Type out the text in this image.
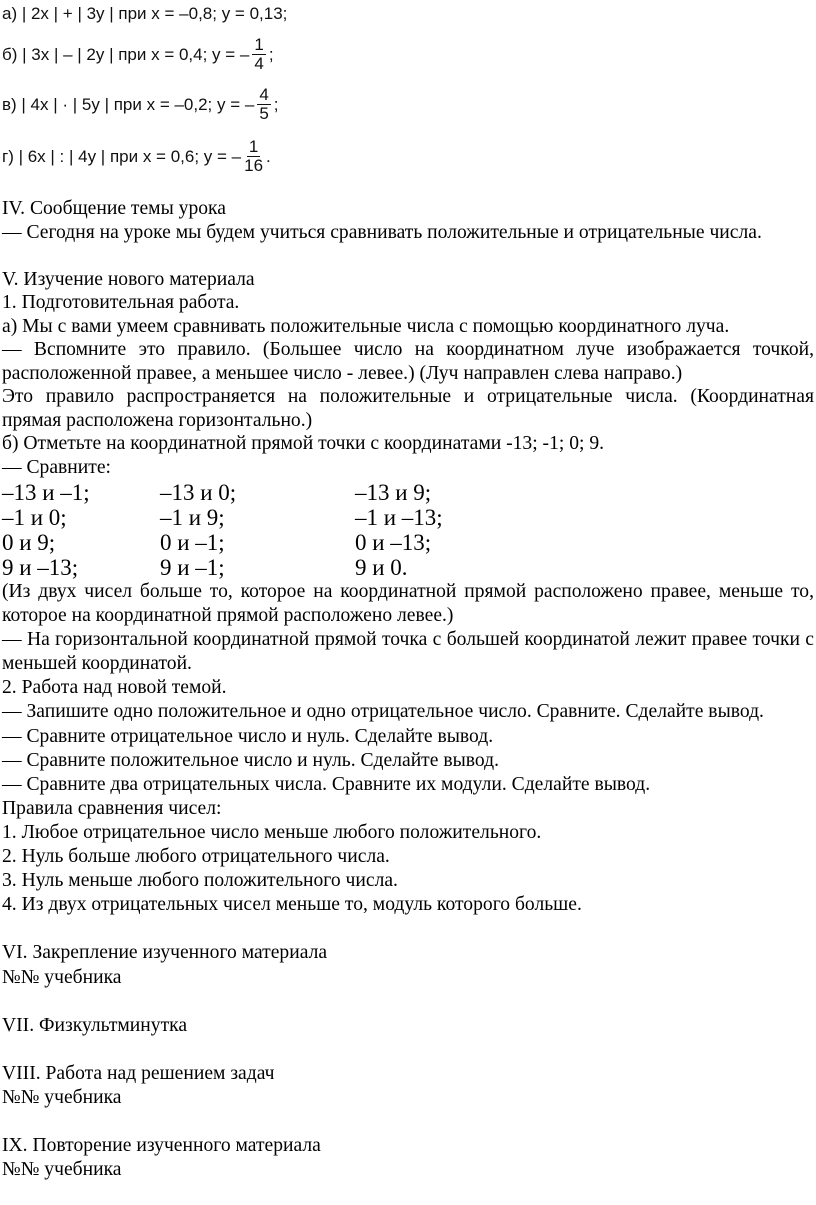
а) | 2x | + | 3y | при x = –0,8; y = 0,13;
б) | 3x | – | 2y | при x = 0,4; y = – $\frac{1}{4}$ ;
в) | 4x | · | 5y | при x = –0,2; y = – $\frac{4}{5}$ ;
г) | 6x | : | 4y | при x = 0,6; y = – $\frac{1}{16}$ .

IV. Сообщение темы урока

— Сегодня на уроке мы будем учиться сравнивать положительные и отрицательные числа.

V. Изучение нового материала

1. Подготовительная работа.

а) Мы с вами умеем сравнивать положительные числа с помощью координатного луча.

— Вспомните это правило. (Большее число на координатном луче изображается точкой, расположенной правее, а меньшее число - левее.) (Луч направлен слева направо.)

Это правило распространяется на положительные и отрицательные числа. (Координатная прямая расположена горизонтально.)

б) Отметьте на координатной прямой точки с координатами -13; -1; 0; 9.

— Сравните:

–13 и –1;	–13 и 0;	–13 и 9;
–1 и 0;	–1 и 9;	–1 и –13;
0 и 9;	0 и –1;	0 и –13;
9 и –13;	9 и –1;	9 и 0.

(Из двух чисел больше то, которое на координатной прямой расположено правее, меньше то, которое на координатной прямой расположено левее.)

— На горизонтальной координатной прямой точка с большей координатой лежит правее точки с меньшей координатой.

2. Работа над новой темой.

— Запишите одно положительное и одно отрицательное число. Сравните. Сделайте вывод.

— Сравните отрицательное число и нуль. Сделайте вывод.

— Сравните положительное число и нуль. Сделайте вывод.

— Сравните два отрицательных числа. Сравните их модули. Сделайте вывод.

Правила сравнения чисел:

1. Любое отрицательное число меньше любого положительного.

2. Нуль больше любого отрицательного числа.

3. Нуль меньше любого положительного числа.

4. Из двух отрицательных чисел меньше то, модуль которого больше.

VI. Закрепление изученного материала

№№ учебника

VII. Физкультминутка

VIII. Работа над решением задач

№№ учебника

IX. Повторение изученного материала

№№ учебника
